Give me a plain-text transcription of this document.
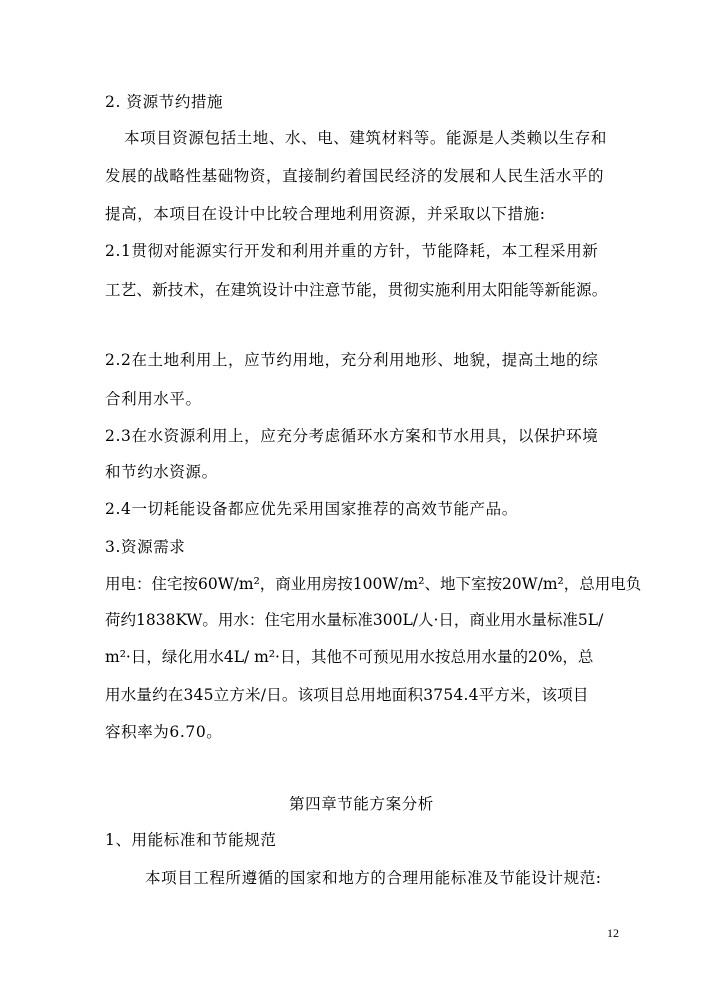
2. 资源节约措施
本项目资源包括土地、水、电、建筑材料等。能源是人类赖以生存和
发展的战略性基础物资，直接制约着国民经济的发展和人民生活水平的
提高，本项目在设计中比较合理地利用资源，并采取以下措施:
2.1贯彻对能源实行开发和利用并重的方针，节能降耗，本工程采用新
工艺、新技术，在建筑设计中注意节能，贯彻实施利用太阳能等新能源。
2.2在土地利用上，应节约用地，充分利用地形、地貌，提高土地的综
合利用水平。
2.3在水资源利用上，应充分考虑循环水方案和节水用具，以保护环境
和节约水资源。
2.4一切耗能设备都应优先采用国家推荐的高效节能产品。
3.资源需求
用电：住宅按60W/m²，商业用房按100W/m²、地下室按20W/m²，总用电负
荷约1838KW。用水：住宅用水量标准300L/人·日，商业用水量标准5L/
m²·日，绿化用水4L/ m²·日，其他不可预见用水按总用水量的20%，总
用水量约在345立方米/日。该项目总用地面积3754.4平方米，该项目
容积率为6.70。
第四章节能方案分析
1、用能标准和节能规范
本项目工程所遵循的国家和地方的合理用能标准及节能设计规范:
12
